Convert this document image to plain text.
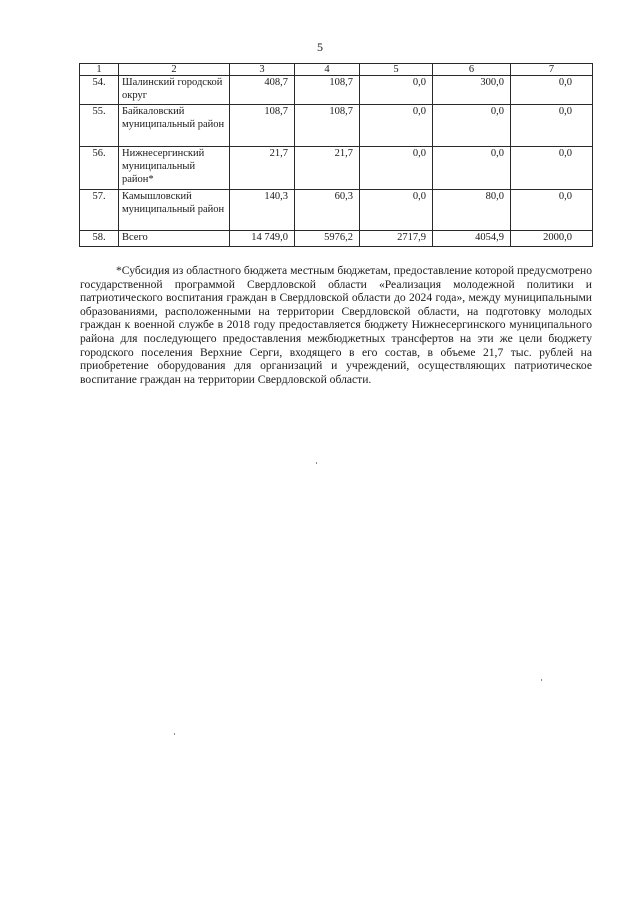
5
1	2	3	4	5	6	7
54.	Шалинский городской округ	408,7	108,7	0,0	300,0	0,0
55.	Байкаловский муниципальный район	108,7	108,7	0,0	0,0	0,0
56.	Нижнесергинский муниципальный район*	21,7	21,7	0,0	0,0	0,0
57.	Камышловский муниципальный район	140,3	60,3	0,0	80,0	0,0
58.	Всего	14 749,0	5976,2	2717,9	4054,9	2000,0

*Субсидия из областного бюджета местным бюджетам, предоставление которой предусмотрено государственной программой Свердловской области «Реализация молодежной политики и патриотического воспитания граждан в Свердловской области до 2024 года», между муниципальными образованиями, расположенными на территории Свердловской области, на подготовку молодых граждан к военной службе в 2018 году предоставляется бюджету Нижнесергинского муниципального района для последующего предоставления межбюджетных трансфертов на эти же цели бюджету городского поселения Верхние Серги, входящего в его состав, в объеме 21,7 тыс. рублей на приобретение оборудования для организаций и учреждений, осуществляющих патриотическое воспитание граждан на территории Свердловской области.
